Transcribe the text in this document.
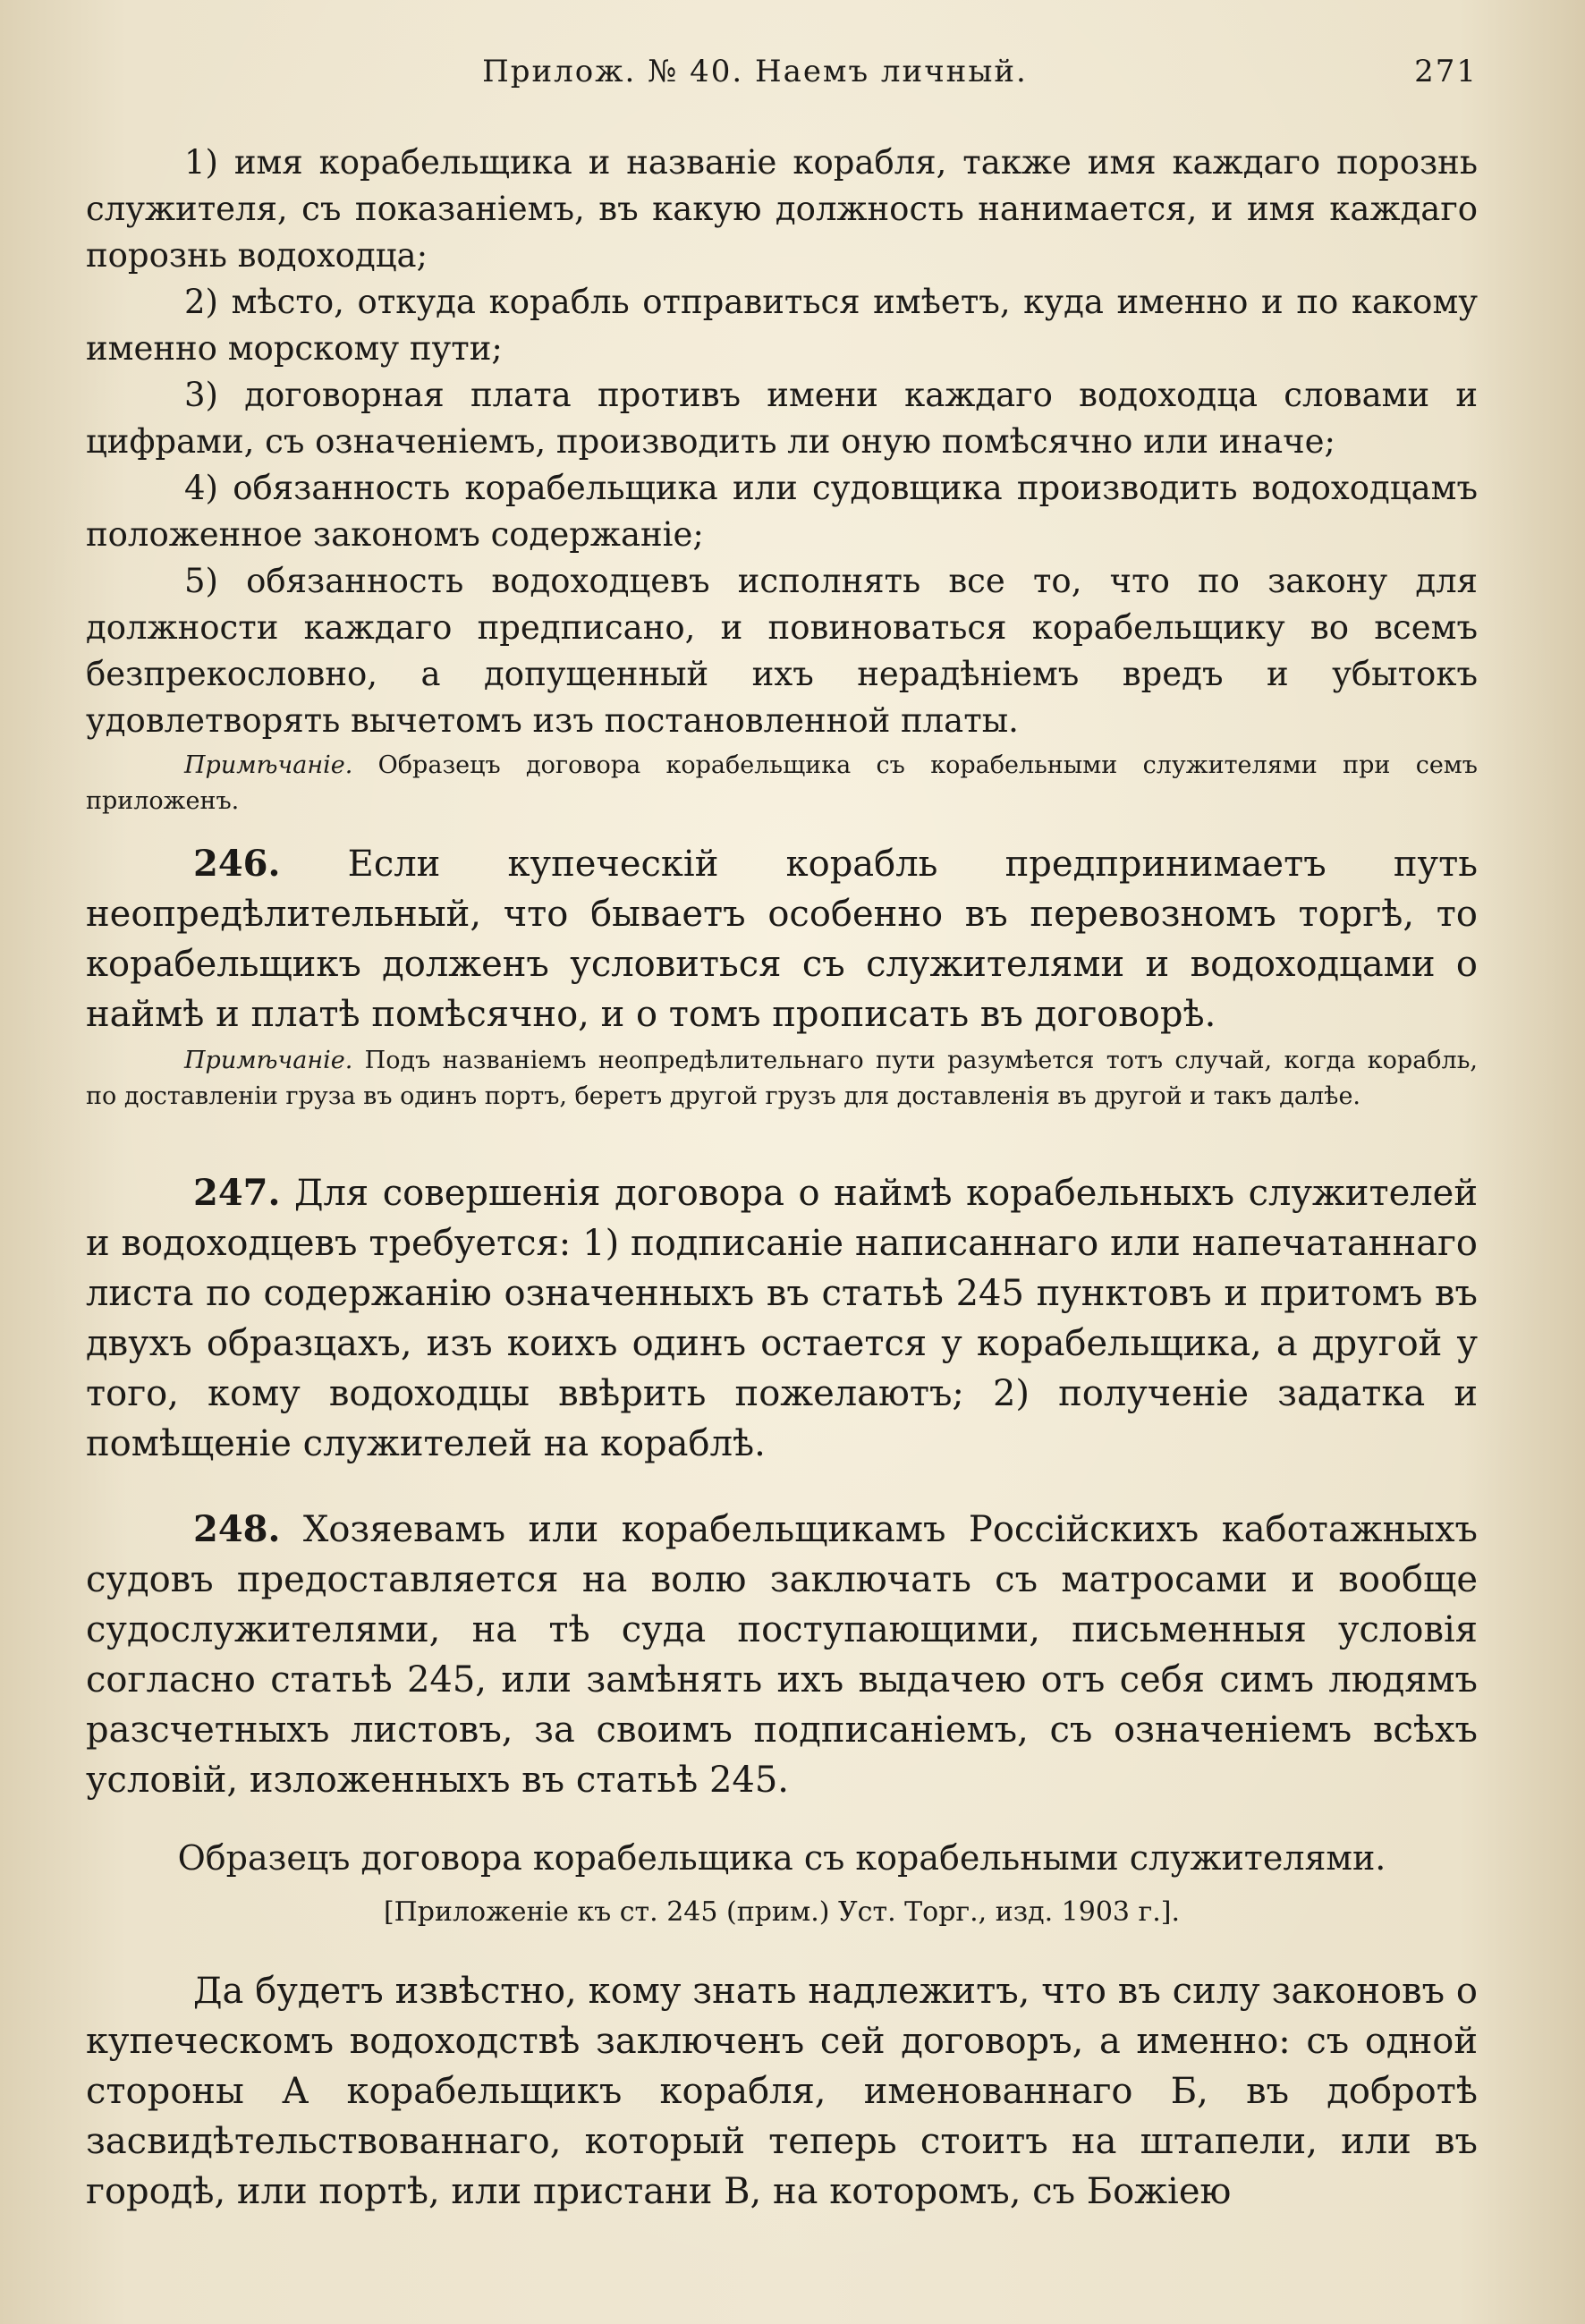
Прилож. № 40. Наемъ личный.	271

1) имя корабельщика и названіе корабля, также имя каждаго порознь служителя, съ показаніемъ, въ какую должность нанимается, и имя каждаго порознь водоходца;

2) мѣсто, откуда корабль отправиться имѣетъ, куда именно и по какому именно морскому пути;

3) договорная плата противъ имени каждаго водоходца словами и цифрами, съ означеніемъ, производить ли оную помѣсячно или иначе;

4) обязанность корабельщика или судовщика производить водоходцамъ положенное закономъ содержаніе;

5) обязанность водоходцевъ исполнять все то, что по закону для должности каждаго предписано, и повиноваться корабельщику во всемъ безпрекословно, а допущенный ихъ нерадѣніемъ вредъ и убытокъ удовлетворять вычетомъ изъ постановленной платы.

Примѣчаніе. Образецъ договора корабельщика съ корабельными служителями при семъ приложенъ.

246. Если купеческій корабль предпринимаетъ путь неопредѣлительный, что бываетъ особенно въ перевозномъ торгѣ, то корабельщикъ долженъ условиться съ служителями и водоходцами о наймѣ и платѣ помѣсячно, и о томъ прописать въ договорѣ.

Примѣчаніе. Подъ названіемъ неопредѣлительнаго пути разумѣется тотъ случай, когда корабль, по доставленіи груза въ одинъ портъ, беретъ другой грузъ для доставленія въ другой и такъ далѣе.

247. Для совершенія договора о наймѣ корабельныхъ служителей и водоходцевъ требуется: 1) подписаніе написаннаго или напечатаннаго листа по содержанію означенныхъ въ статьѣ 245 пунктовъ и притомъ въ двухъ образцахъ, изъ коихъ одинъ остается у корабельщика, а другой у того, кому водоходцы ввѣрить пожелаютъ; 2) полученіе задатка и помѣщеніе служителей на кораблѣ.

248. Хозяевамъ или корабельщикамъ Россійскихъ каботажныхъ судовъ предоставляется на волю заключать съ матросами и вообще судослужителями, на тѣ суда поступающими, письменныя условія согласно статьѣ 245, или замѣнять ихъ выдачею отъ себя симъ людямъ разсчетныхъ листовъ, за своимъ подписаніемъ, съ означеніемъ всѣхъ условій, изложенныхъ въ статьѣ 245.

Образецъ договора корабельщика съ корабельными служителями.

[Приложеніе къ ст. 245 (прим.) Уст. Торг., изд. 1903 г.].

Да будетъ извѣстно, кому знать надлежитъ, что въ силу законовъ о купеческомъ водоходствѣ заключенъ сей договоръ, а именно: съ одной стороны А корабельщикъ корабля, именованнаго Б, въ добротѣ засвидѣтельствованнаго, который теперь стоитъ на штапели, или въ городѣ, или портѣ, или пристани В, на которомъ, съ Божіею
